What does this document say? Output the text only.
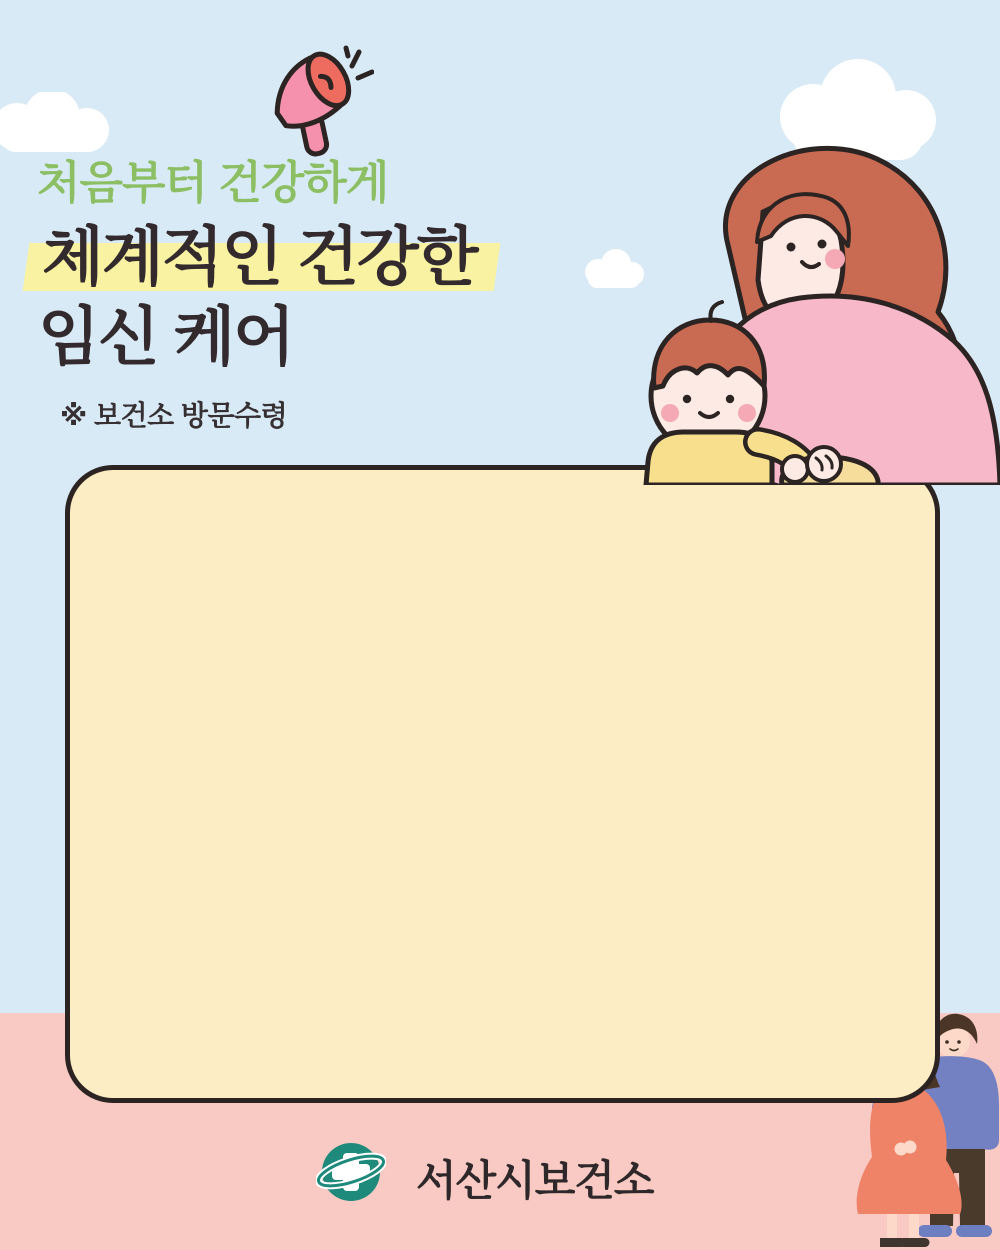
처음부터 건강하게
체계적인 건강한
임신 케어
※ 보건소 방문수령
서산시보건소
